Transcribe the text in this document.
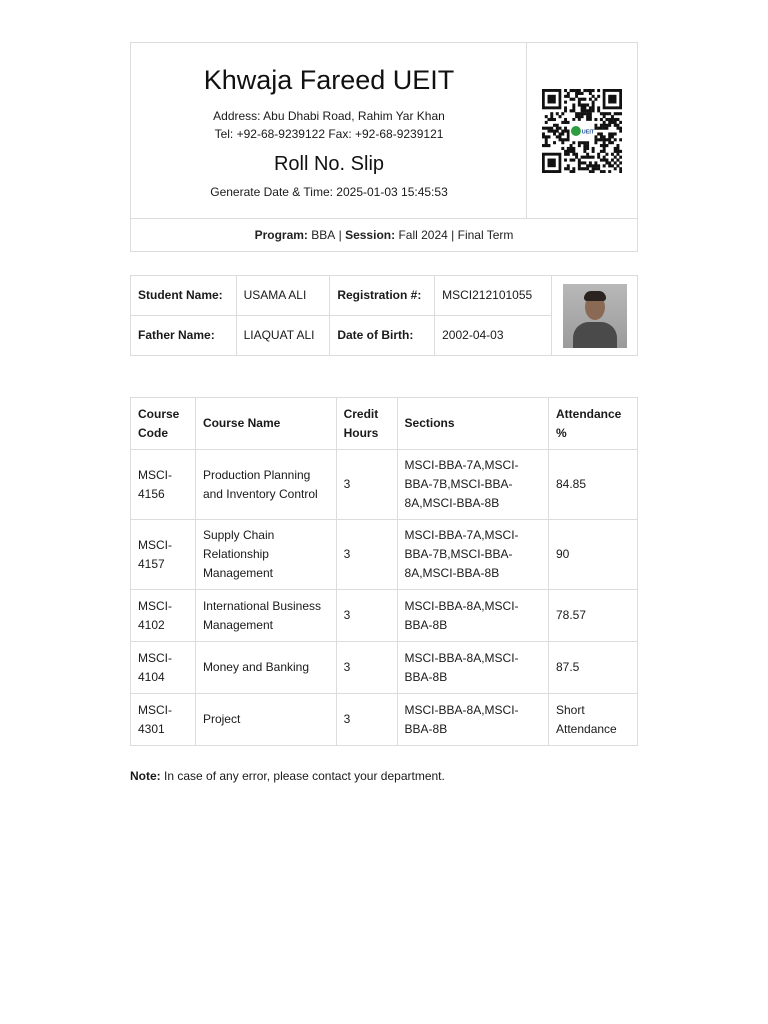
Khwaja Fareed UEIT
Address: Abu Dhabi Road, Rahim Yar Khan
Tel: +92-68-9239122 Fax: +92-68-9239121
Roll No. Slip
Generate Date & Time: 2025-01-03 15:45:53
UEIT
Program:
BBA | Session:
Fall 2024 | Final Term
Student Name:	USAMA ALI	Registration #:	MSCI212101055	

Father Name:	LIAQUAT ALI	Date of Birth:	2002-04-03	
Course Code	Course Name	Credit Hours	Sections	Attendance %
MSCI-4156	Production Planning and Inventory Control	3	MSCI-BBA-7A,MSCI-BBA-7B,MSCI-BBA-8A,MSCI-BBA-8B	84.85
MSCI-4157	Supply Chain Relationship Management	3	MSCI-BBA-7A,MSCI-BBA-7B,MSCI-BBA-8A,MSCI-BBA-8B	90
MSCI-4102	International Business Management	3	MSCI-BBA-8A,MSCI-BBA-8B	78.57
MSCI-4104	Money and Banking	3	MSCI-BBA-8A,MSCI-BBA-8B	87.5
MSCI-4301	Project	3	MSCI-BBA-8A,MSCI-BBA-8B	Short Attendance
Note: In case of any error, please contact your department.
